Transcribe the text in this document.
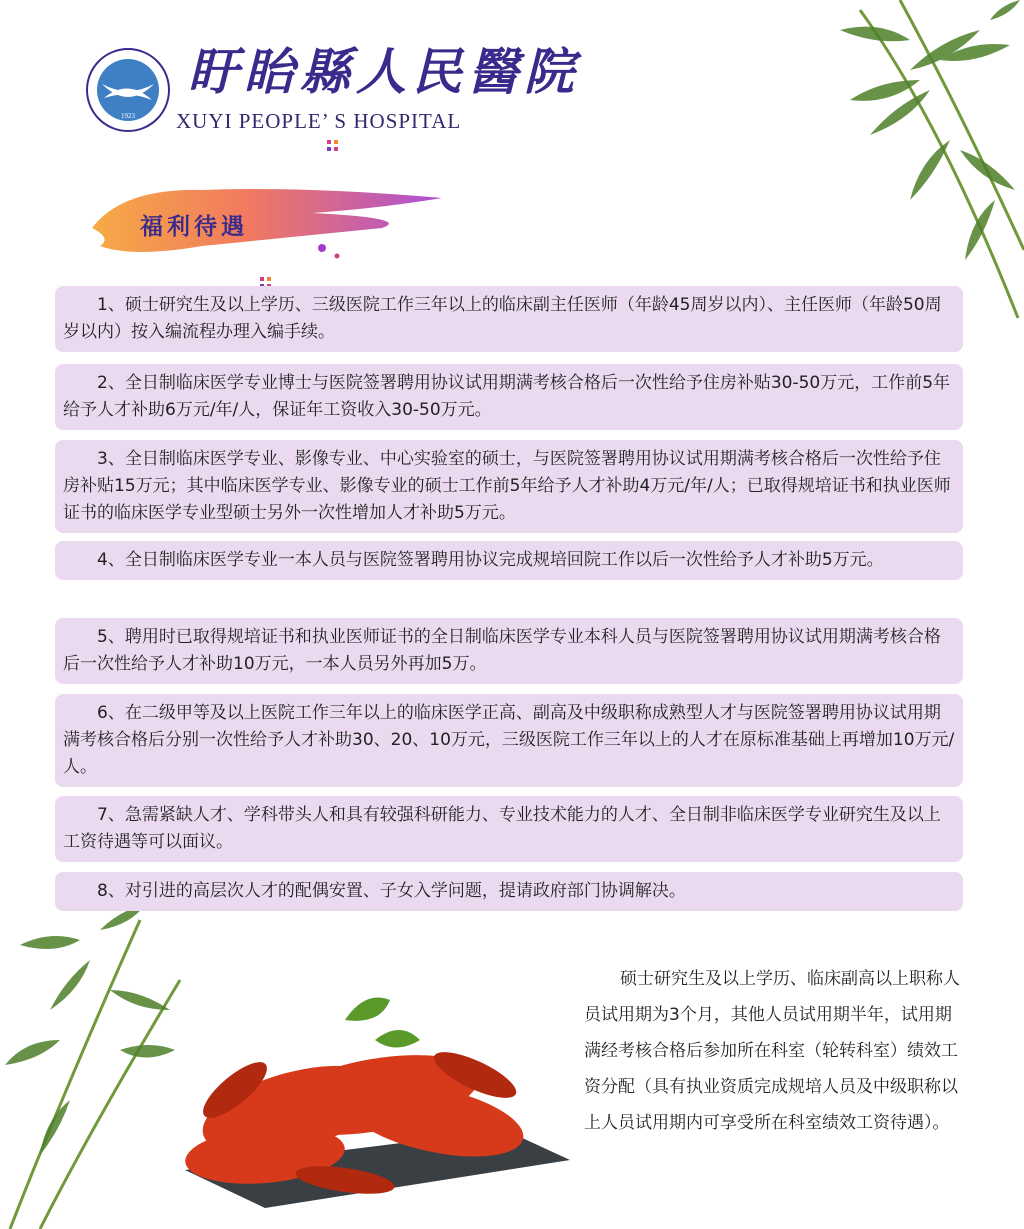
1923
盱眙縣人民醫院

XUYI PEOPLE’ S HOSPITAL

福利待遇

1、硕士研究生及以上学历、三级医院工作三年以上的临床副主任医师（年龄45周岁以内）、主任医师（年龄50周岁以内）按入编流程办理入编手续。

2、全日制临床医学专业博士与医院签署聘用协议试用期满考核合格后一次性给予住房补贴30-50万元，工作前5年给予人才补助6万元/年/人，保证年工资收入30-50万元。

3、全日制临床医学专业、影像专业、中心实验室的硕士，与医院签署聘用协议试用期满考核合格后一次性给予住房补贴15万元；其中临床医学专业、影像专业的硕士工作前5年给予人才补助4万元/年/人；已取得规培证书和执业医师证书的临床医学专业型硕士另外一次性增加人才补助5万元。

4、全日制临床医学专业一本人员与医院签署聘用协议完成规培回院工作以后一次性给予人才补助5万元。

5、聘用时已取得规培证书和执业医师证书的全日制临床医学专业本科人员与医院签署聘用协议试用期满考核合格后一次性给予人才补助10万元，一本人员另外再加5万。

6、在二级甲等及以上医院工作三年以上的临床医学正高、副高及中级职称成熟型人才与医院签署聘用协议试用期满考核合格后分别一次性给予人才补助30、20、10万元，三级医院工作三年以上的人才在原标准基础上再增加10万元/人。

7、急需紧缺人才、学科带头人和具有较强科研能力、专业技术能力的人才、全日制非临床医学专业研究生及以上工资待遇等可以面议。

8、对引进的高层次人才的配偶安置、子女入学问题，提请政府部门协调解决。

硕士研究生及以上学历、临床副高以上职称人员试用期为3个月，其他人员试用期半年，试用期满经考核合格后参加所在科室（轮转科室）绩效工资分配（具有执业资质完成规培人员及中级职称以上人员试用期内可享受所在科室绩效工资待遇）。
